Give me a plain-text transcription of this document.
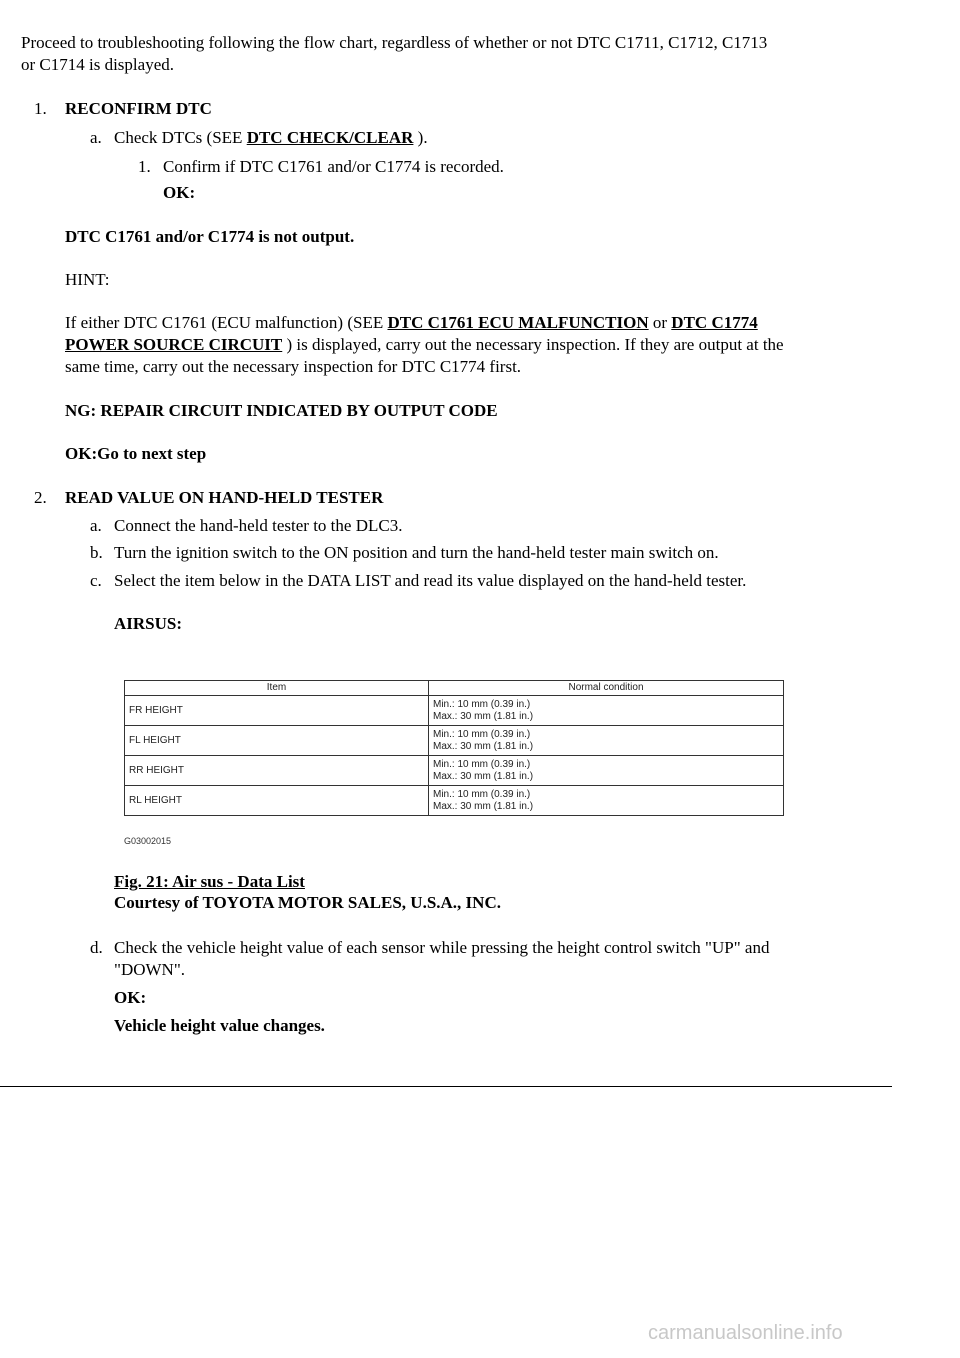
Proceed to troubleshooting following the flow chart, regardless of whether or not DTC C1711, C1712, C1713
or C1714 is displayed.
1. RECONFIRM DTC
a. Check DTCs (SEE DTC CHECK/CLEAR ).
1. Confirm if DTC C1761 and/or C1774 is recorded.
OK:
DTC C1761 and/or C1774 is not output.
HINT:
If either DTC C1761 (ECU malfunction) (SEE DTC C1761 ECU MALFUNCTION or DTC C1774
POWER SOURCE CIRCUIT ) is displayed, carry out the necessary inspection. If they are output at the
same time, carry out the necessary inspection for DTC C1774 first.
NG: REPAIR CIRCUIT INDICATED BY OUTPUT CODE
OK:Go to next step
2. READ VALUE ON HAND-HELD TESTER
a. Connect the hand-held tester to the DLC3.
b. Turn the ignition switch to the ON position and turn the hand-held tester main switch on.
c. Select the item below in the DATA LIST and read its value displayed on the hand-held tester.
AIRSUS:
Item	Normal condition
FR HEIGHT	Min.: 10 mm (0.39 in.)
Max.: 30 mm (1.81 in.)

FL HEIGHT	Min.: 10 mm (0.39 in.)
Max.: 30 mm (1.81 in.)

RR HEIGHT	Min.: 10 mm (0.39 in.)
Max.: 30 mm (1.81 in.)

RL HEIGHT	Min.: 10 mm (0.39 in.)
Max.: 30 mm (1.81 in.)
G03002015
Fig. 21: Air sus - Data List
Courtesy of TOYOTA MOTOR SALES, U.S.A., INC.
d. Check the vehicle height value of each sensor while pressing the height control switch "UP" and
"DOWN".
OK:
Vehicle height value changes.
carmanualsonline.info
